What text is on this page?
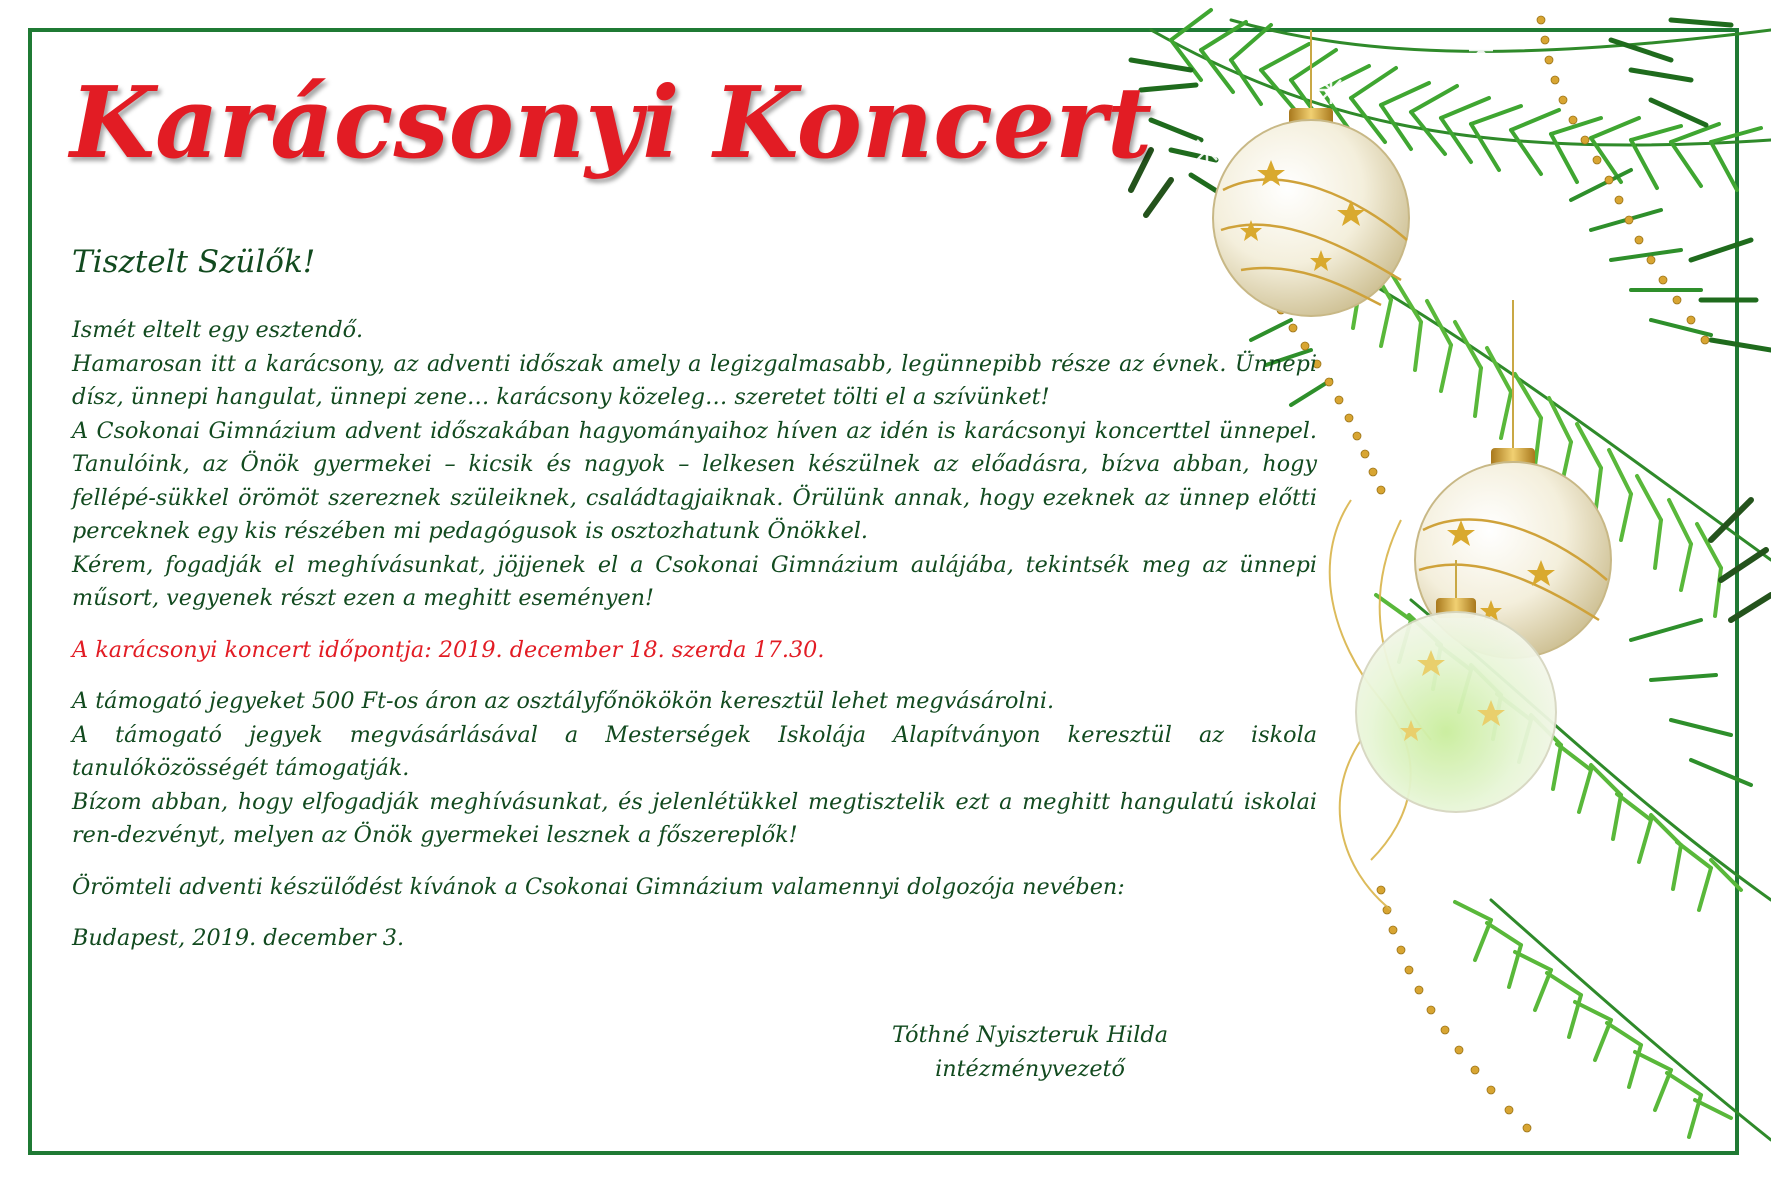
Karácsonyi Koncert
Tisztelt Szülők!

Ismét eltelt egy esztendő.

Hamarosan itt a karácsony, az adventi időszak amely a legizgalmasabb, legünnepibb része az évnek. Ünnepi dísz, ünnepi hangulat, ünnepi zene… karácsony közeleg… szeretet tölti el a szívünket!

A Csokonai Gimnázium advent időszakában hagyományaihoz híven az idén is karácsonyi koncerttel ünnepel. Tanulóink, az Önök gyermekei – kicsik és nagyok – lelkesen készülnek az előadásra, bízva abban, hogy fellépé-sükkel örömöt szereznek szüleiknek, családtagjaiknak. Örülünk annak, hogy ezeknek az ünnep előtti perceknek egy kis részében mi pedagógusok is osztozhatunk Önökkel.

Kérem, fogadják el meghívásunkat, jöjjenek el a Csokonai Gimnázium aulájába, tekintsék meg az ünnepi műsort, vegyenek részt ezen a meghitt eseményen!

A karácsonyi koncert időpontja: 2019. december 18. szerda 17.30.

A támogató jegyeket 500 Ft-os áron az osztályfőnökökön keresztül lehet megvásárolni.

A támogató jegyek megvásárlásával a Mesterségek Iskolája Alapítványon keresztül az iskola tanulóközösségét támogatják.

Bízom abban, hogy elfogadják meghívásunkat, és jelenlétükkel megtisztelik ezt a meghitt hangulatú iskolai ren-dezvényt, melyen az Önök gyermekei lesznek a főszereplők!

Örömteli adventi készülődést kívánok a Csokonai Gimnázium valamennyi dolgozója nevében:

Budapest, 2019. december 3.

Tóthné Nyiszteruk Hilda
intézményvezető
